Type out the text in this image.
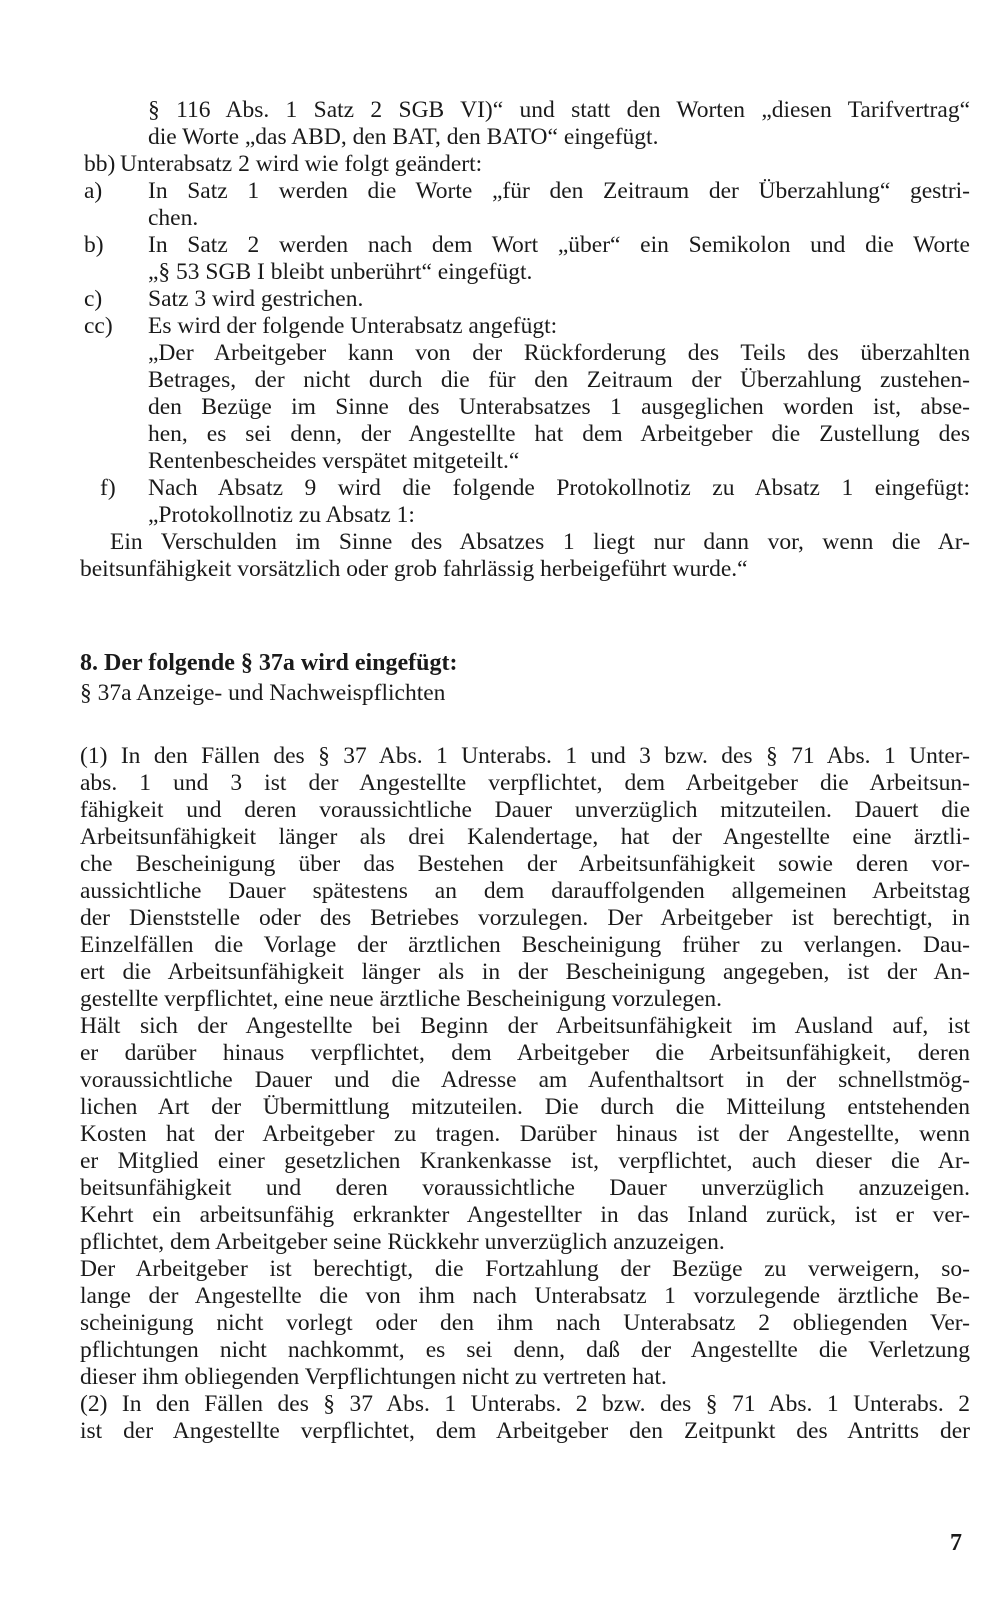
§ 116 Abs. 1 Satz 2 SGB VI)“ und statt den Worten „diesen Tarifvertrag“
die Worte „das ABD, den BAT, den BATO“ eingefügt.
bb) Unterabsatz 2 wird wie folgt geändert:
a) In Satz 1 werden die Worte „für den Zeitraum der Überzahlung“ gestri-
chen.
b) In Satz 2 werden nach dem Wort „über“ ein Semikolon und die Worte
„§ 53 SGB I bleibt unberührt“ eingefügt.
c) Satz 3 wird gestrichen.
cc) Es wird der folgende Unterabsatz angefügt:
„Der Arbeitgeber kann von der Rückforderung des Teils des überzahlten
Betrages, der nicht durch die für den Zeitraum der Überzahlung zustehen-
den Bezüge im Sinne des Unterabsatzes 1 ausgeglichen worden ist, abse-
hen, es sei denn, der Angestellte hat dem Arbeitgeber die Zustellung des
Rentenbescheides verspätet mitgeteilt.“
f) Nach Absatz 9 wird die folgende Protokollnotiz zu Absatz 1 eingefügt:
„Protokollnotiz zu Absatz 1:
Ein Verschulden im Sinne des Absatzes 1 liegt nur dann vor, wenn die Ar-
beitsunfähigkeit vorsätzlich oder grob fahrlässig herbeigeführt wurde.“
8. Der folgende § 37a wird eingefügt:
§ 37a Anzeige- und Nachweispflichten
(1) In den Fällen des § 37 Abs. 1 Unterabs. 1 und 3 bzw. des § 71 Abs. 1 Unter-
abs. 1 und 3 ist der Angestellte verpflichtet, dem Arbeitgeber die Arbeitsun-
fähigkeit und deren voraussichtliche Dauer unverzüglich mitzuteilen. Dauert die
Arbeitsunfähigkeit länger als drei Kalendertage, hat der Angestellte eine ärztli-
che Bescheinigung über das Bestehen der Arbeitsunfähigkeit sowie deren vor-
aussichtliche Dauer spätestens an dem darauffolgenden allgemeinen Arbeitstag
der Dienststelle oder des Betriebes vorzulegen. Der Arbeitgeber ist berechtigt, in
Einzelfällen die Vorlage der ärztlichen Bescheinigung früher zu verlangen. Dau-
ert die Arbeitsunfähigkeit länger als in der Bescheinigung angegeben, ist der An-
gestellte verpflichtet, eine neue ärztliche Bescheinigung vorzulegen.
Hält sich der Angestellte bei Beginn der Arbeitsunfähigkeit im Ausland auf, ist
er darüber hinaus verpflichtet, dem Arbeitgeber die Arbeitsunfähigkeit, deren
voraussichtliche Dauer und die Adresse am Aufenthaltsort in der schnellstmög-
lichen Art der Übermittlung mitzuteilen. Die durch die Mitteilung entstehenden
Kosten hat der Arbeitgeber zu tragen. Darüber hinaus ist der Angestellte, wenn
er Mitglied einer gesetzlichen Krankenkasse ist, verpflichtet, auch dieser die Ar-
beitsunfähigkeit und deren voraussichtliche Dauer unverzüglich anzuzeigen.
Kehrt ein arbeitsunfähig erkrankter Angestellter in das Inland zurück, ist er ver-
pflichtet, dem Arbeitgeber seine Rückkehr unverzüglich anzuzeigen.
Der Arbeitgeber ist berechtigt, die Fortzahlung der Bezüge zu verweigern, so-
lange der Angestellte die von ihm nach Unterabsatz 1 vorzulegende ärztliche Be-
scheinigung nicht vorlegt oder den ihm nach Unterabsatz 2 obliegenden Ver-
pflichtungen nicht nachkommt, es sei denn, daß der Angestellte die Verletzung
dieser ihm obliegenden Verpflichtungen nicht zu vertreten hat.
(2) In den Fällen des § 37 Abs. 1 Unterabs. 2 bzw. des § 71 Abs. 1 Unterabs. 2
ist der Angestellte verpflichtet, dem Arbeitgeber den Zeitpunkt des Antritts der
7
